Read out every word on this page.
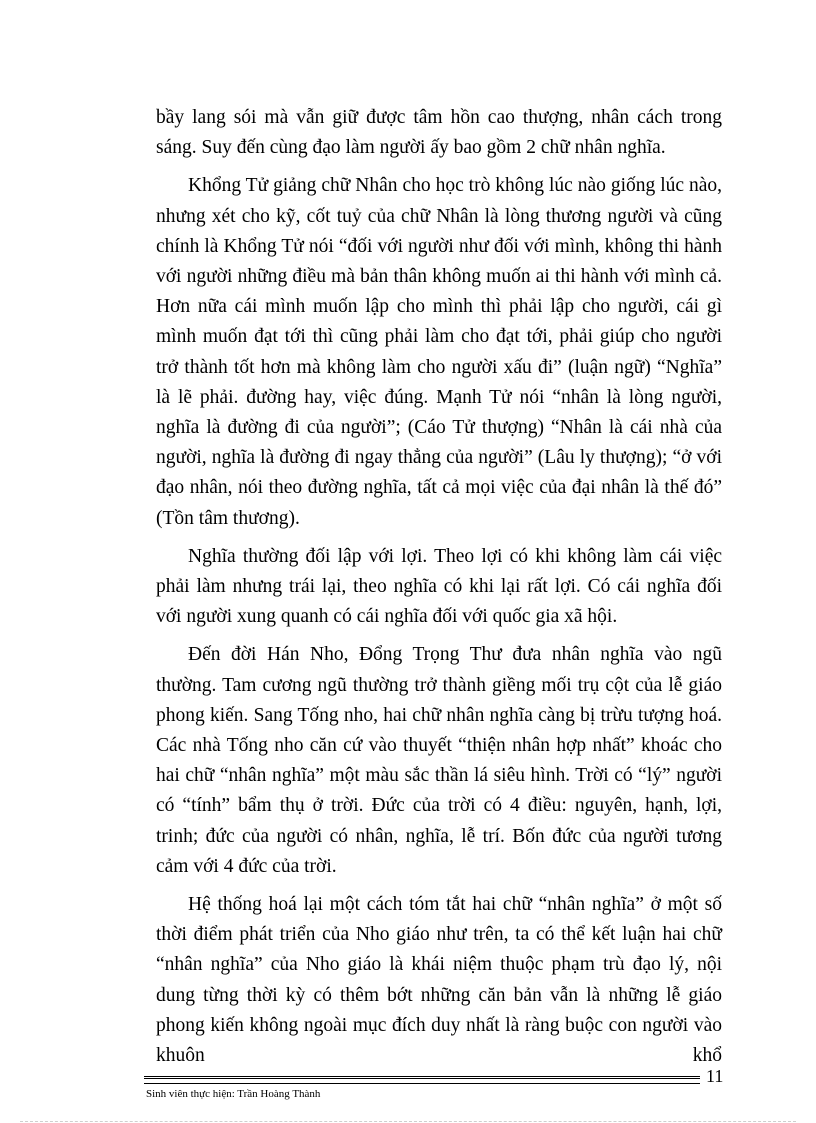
bầy lang sói mà vẫn giữ được tâm hồn cao thượng, nhân cách trong sáng. Suy đến cùng đạo làm người ấy bao gồm 2 chữ nhân nghĩa.

Khổng Tử giảng chữ Nhân cho học trò không lúc nào giống lúc nào, nhưng xét cho kỹ, cốt tuỷ của chữ Nhân là lòng thương người và cũng chính là Khổng Tử nói “đối với người như đối với mình, không thi hành với người những điều mà bản thân không muốn ai thi hành với mình cả. Hơn nữa cái mình muốn lập cho mình thì phải lập cho người, cái gì mình muốn đạt tới thì cũng phải làm cho đạt tới, phải giúp cho người trở thành tốt hơn mà không làm cho người xấu đi” (luận ngữ) “Nghĩa” là lẽ phải. đường hay, việc đúng. Mạnh Tử nói “nhân là lòng người, nghĩa là đường đi của người”; (Cáo Tử thượng) “Nhân là cái nhà của người, nghĩa là đường đi ngay thẳng của người” (Lâu ly thượng); “ở với đạo nhân, nói theo đường nghĩa, tất cả mọi việc của đại nhân là thế đó” (Tồn tâm thương).

Nghĩa thường đối lập với lợi. Theo lợi có khi không làm cái việc phải làm nhưng trái lại, theo nghĩa có khi lại rất lợi. Có cái nghĩa đối với người xung quanh có cái nghĩa đối với quốc gia xã hội.

Đến đời Hán Nho, Đổng Trọng Thư đưa nhân nghĩa vào ngũ thường. Tam cương ngũ thường trở thành giềng mối trụ cột của lễ giáo phong kiến. Sang Tống nho, hai chữ nhân nghĩa càng bị trừu tượng hoá. Các nhà Tống nho căn cứ vào thuyết “thiện nhân hợp nhất” khoác cho hai chữ “nhân nghĩa” một màu sắc thần lá siêu hình. Trời có “lý” người có “tính” bẩm thụ ở trời. Đức của trời có 4 điều: nguyên, hạnh, lợi, trinh; đức của người có nhân, nghĩa, lễ trí. Bốn đức của người tương cảm với 4 đức của trời.

Hệ thống hoá lại một cách tóm tắt hai chữ “nhân nghĩa” ở một số thời điểm phát triển của Nho giáo như trên, ta có thể kết luận hai chữ “nhân nghĩa” của Nho giáo là khái niệm thuộc phạm trù đạo lý, nội dung từng thời kỳ có thêm bớt những căn bản vẫn là những lễ giáo phong kiến không ngoài mục đích duy nhất là ràng buộc con người vào khuôn khổ

11
Sinh viên thực hiện: Trần Hoàng Thành
